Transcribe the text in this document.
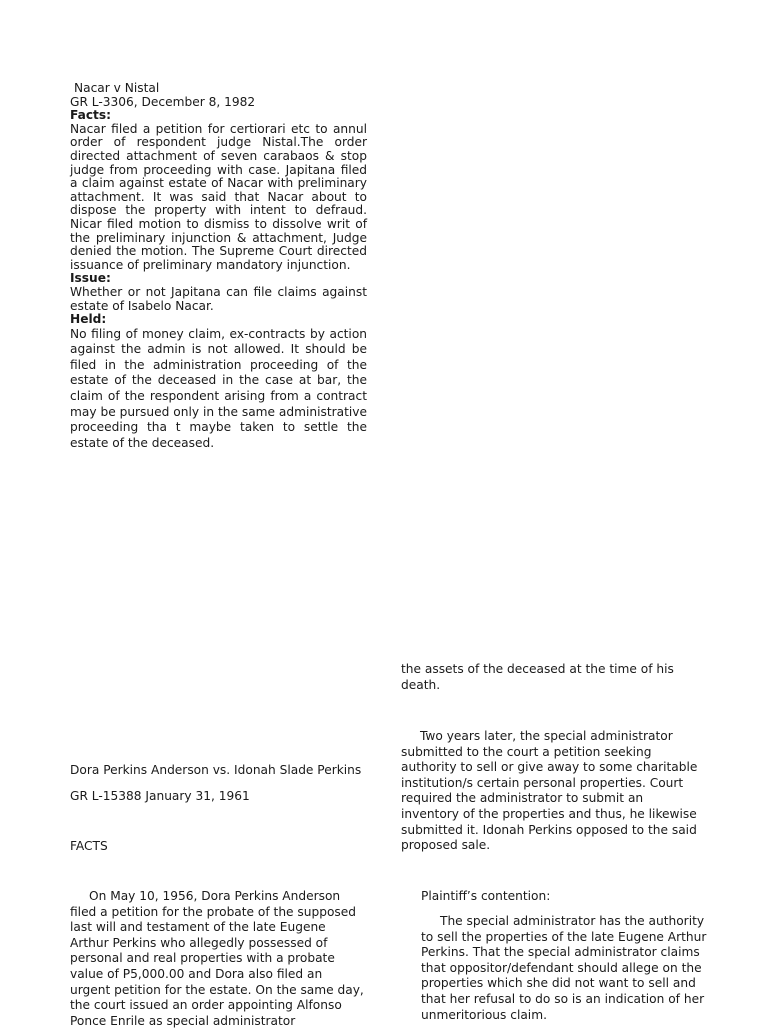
Nacar v Nistal
GR L-3306, December 8, 1982
Facts:
Nacar filed a petition for certiorari etc to annul order of respondent judge Nistal.The order directed attachment of seven carabaos & stop judge from proceeding with case. Japitana filed a claim against estate of Nacar with preliminary attachment. It was said that Nacar about to dispose the property with intent to defraud. Nicar filed motion to dismiss to dissolve writ of the preliminary injunction & attachment, Judge denied the motion. The Supreme Court directed issuance of preliminary mandatory injunction.
Issue:
Whether or not Japitana can file claims against estate of Isabelo Nacar.
Held:
No filing of money claim, ex-contracts by action against the admin is not allowed. It should be filed in the administration proceeding of the estate of the deceased in the case at bar, the claim of the respondent arising from a contract may be pursued only in the same administrative proceeding tha t maybe taken to settle the estate of the deceased.
Dora Perkins Anderson vs. Idonah Slade Perkins
GR L-15388 January 31, 1961
FACTS
On May 10, 1956, Dora Perkins Anderson filed a petition for the probate of the supposed last will and testament of the late Eugene Arthur Perkins who allegedly possessed of personal and real properties with a probate value of P5,000.00 and Dora also filed an urgent petition for the estate. On the same day, the court issued an order appointing Alfonso Ponce Enrile as special administrator
the assets of the deceased at the time of his death.
Two years later, the special administrator submitted to the court a petition seeking authority to sell or give away to some charitable institution/s certain personal properties. Court required the administrator to submit an inventory of the properties and thus, he likewise submitted it. Idonah Perkins opposed to the said proposed sale.
Plaintiff’s contention:
The special administrator has the authority to sell the properties of the late Eugene Arthur Perkins. That the special administrator claims that oppositor/defendant should allege on the properties which she did not want to sell and that her refusal to do so is an indication of her unmeritorious claim.
